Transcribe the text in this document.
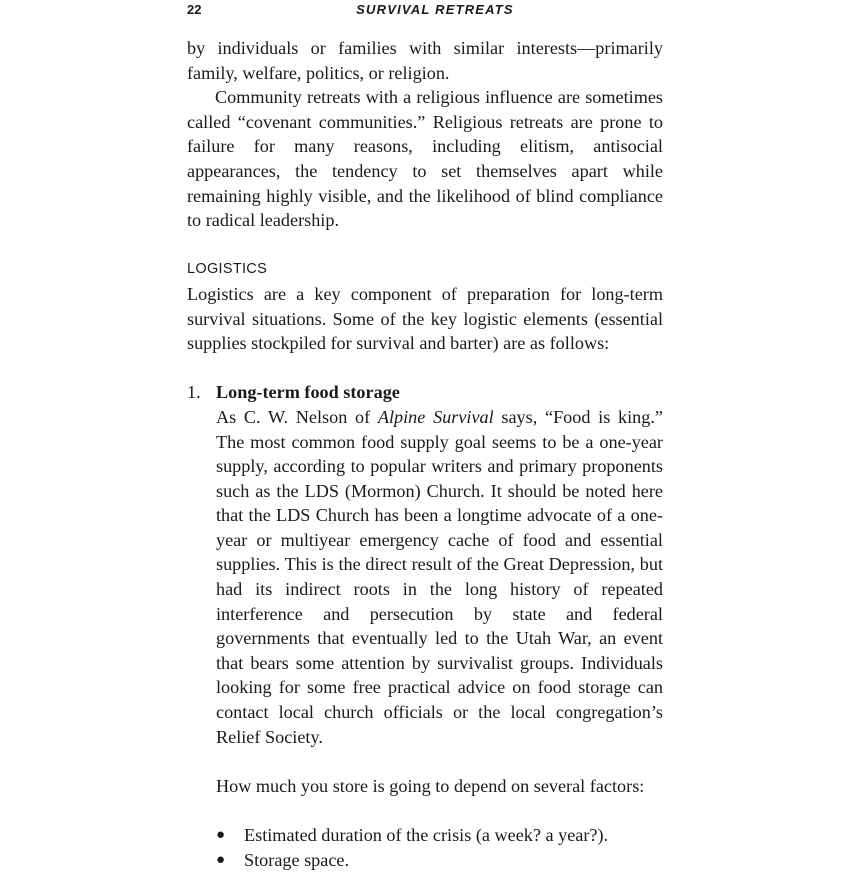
22	SURVIVAL RETREATS

by individuals or families with similar interests—primarily family, welfare, politics, or religion.

Community retreats with a religious influence are sometimes called “covenant communities.” Religious retreats are prone to failure for many reasons, including elitism, antisocial appearances, the tendency to set themselves apart while remaining highly visible, and the likelihood of blind compliance to radical leadership.

LOGISTICS

Logistics are a key component of preparation for long-term survival situations. Some of the key logistic elements (essential supplies stockpiled for survival and barter) are as follows:

1. Long-term food storage

As C. W. Nelson of Alpine Survival says, “Food is king.” The most common food supply goal seems to be a one-year supply, according to popular writers and primary proponents such as the LDS (Mormon) Church. It should be noted here that the LDS Church has been a longtime advocate of a one-year or multiyear emergency cache of food and essential supplies. This is the direct result of the Great Depression, but had its indirect roots in the long history of repeated interference and persecution by state and federal governments that eventually led to the Utah War, an event that bears some attention by survivalist groups. Individuals looking for some free practical advice on food storage can contact local church officials or the local congregation’s Relief Society.

How much you store is going to depend on several factors:

● Estimated duration of the crisis (a week? a year?).
● Storage space.
